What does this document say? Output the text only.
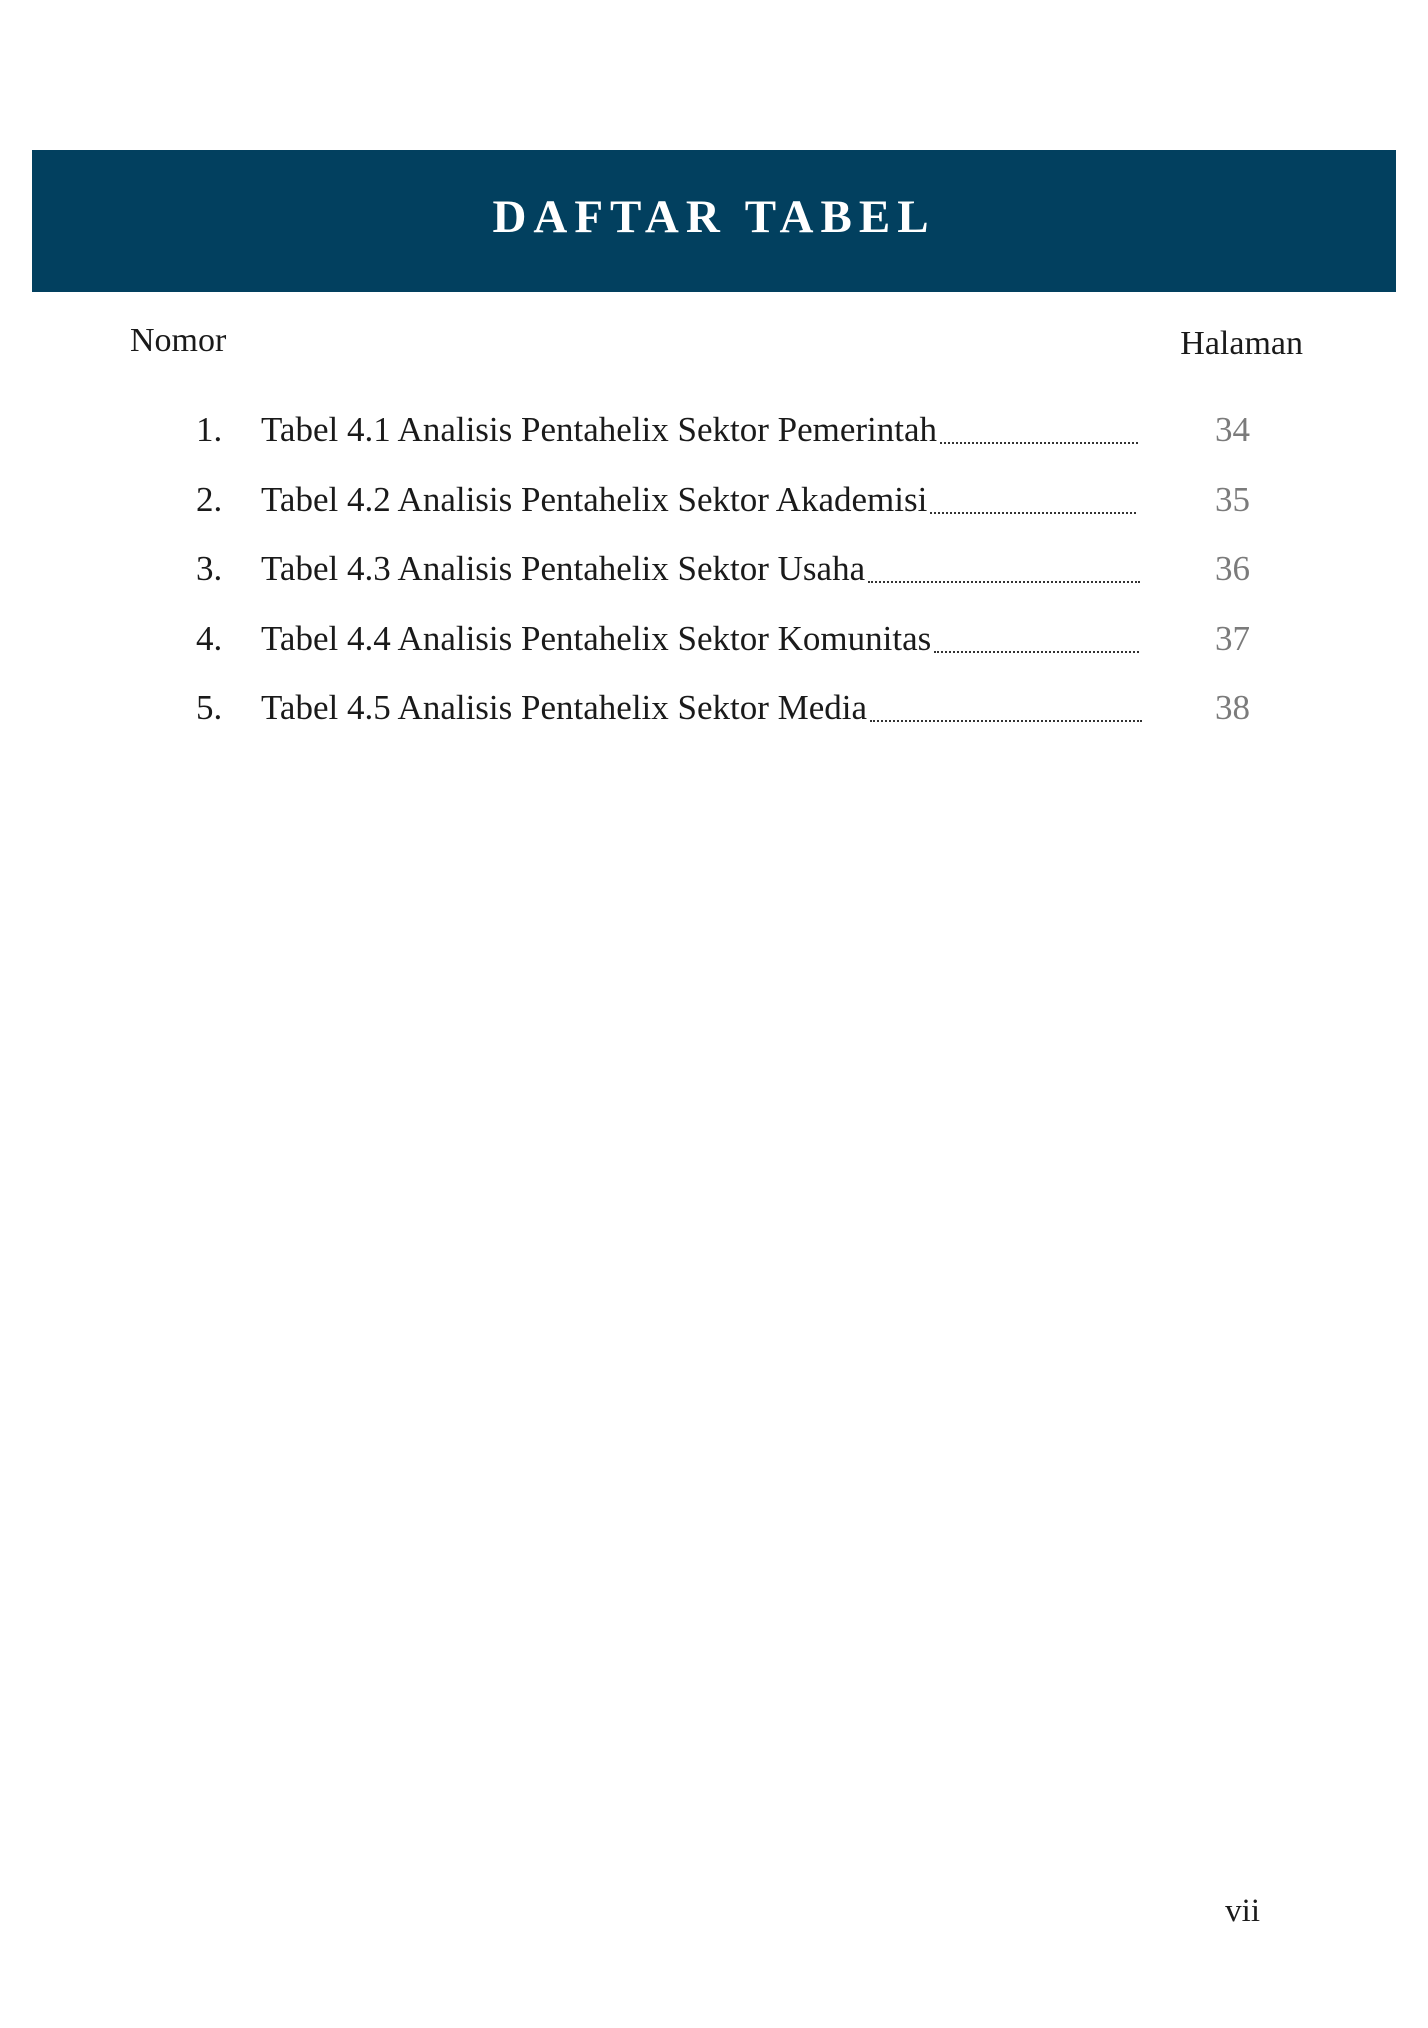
DAFTAR TABEL
Nomor	Halaman
1.	Tabel 4.1 Analisis Pentahelix Sektor Pemerintah	34
2.	Tabel 4.2 Analisis Pentahelix Sektor Akademisi	35
3.	Tabel 4.3 Analisis Pentahelix Sektor Usaha	36
4.	Tabel 4.4 Analisis Pentahelix Sektor Komunitas	37
5.	Tabel 4.5 Analisis Pentahelix Sektor Media	38
vii
